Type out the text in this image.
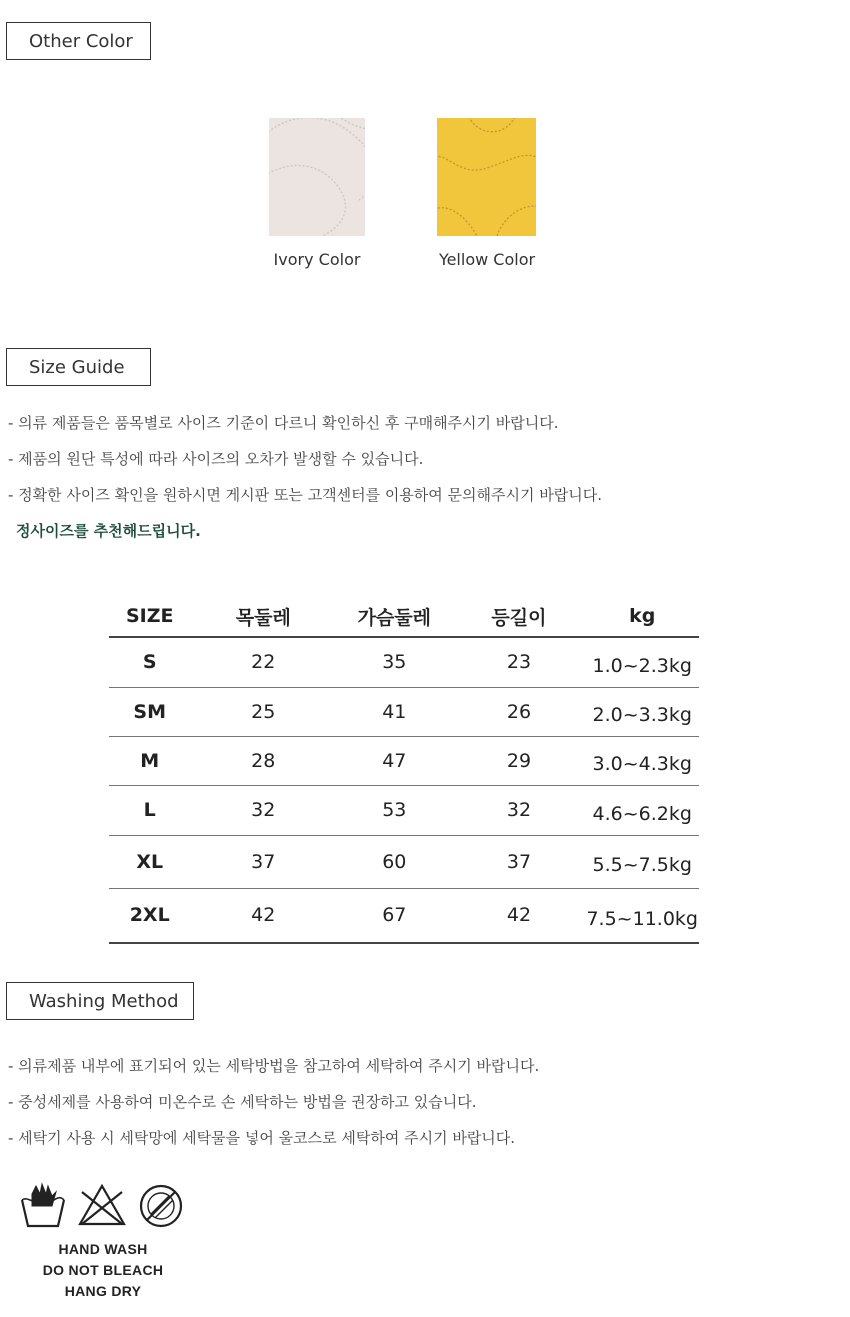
Other Color
Ivory Color	Yellow Color
Size Guide
- 의류 제품들은 품목별로 사이즈 기준이 다르니 확인하신 후 구매해주시기 바랍니다.
- 제품의 원단 특성에 따라 사이즈의 오차가 발생할 수 있습니다.
- 정확한 사이즈 확인을 원하시면 게시판 또는 고객센터를 이용하여 문의해주시기 바랍니다.
정사이즈를 추천해드립니다.
SIZE	목둘레	가슴둘레	등길이	kg
S	22	35	23	1.0~2.3kg
SM	25	41	26	2.0~3.3kg
M	28	47	29	3.0~4.3kg
L	32	53	32	4.6~6.2kg
XL	37	60	37	5.5~7.5kg
2XL	42	67	42	7.5~11.0kg
Washing Method
- 의류제품 내부에 표기되어 있는 세탁방법을 참고하여 세탁하여 주시기 바랍니다.
- 중성세제를 사용하여 미온수로 손 세탁하는 방법을 권장하고 있습니다.
- 세탁기 사용 시 세탁망에 세탁물을 넣어 울코스로 세탁하여 주시기 바랍니다.
HAND WASH
DO NOT BLEACH
HANG DRY
